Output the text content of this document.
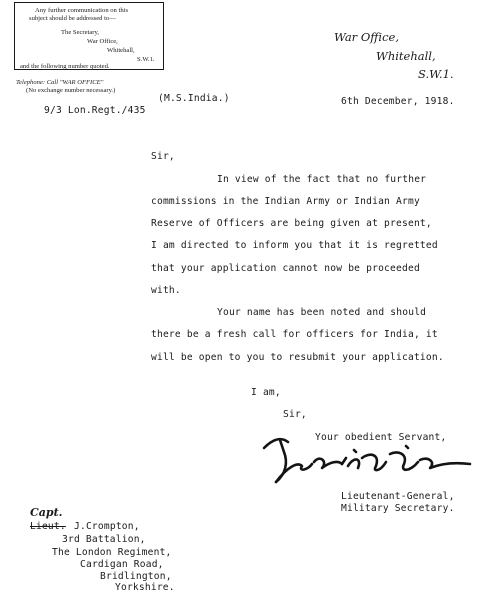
Any further communication on this
subject should be addressed to—
The Secretary,
War Office,
Whitehall,
S.W.1.
and the following number quoted.
Telephone: Call "WAR OFFICE"
(No exchange number necessary.)
9/3 Lon.Regt./435
(M.S.India.)
War Office,
Whitehall,
S.W.1.
6th December, 1918.
Sir,
In view of the fact that no further
commissions in the Indian Army or Indian Army
Reserve of Officers are being given at present,
I am directed to inform you that it is regretted
that your application cannot now be proceeded
with.
Your name has been noted and should
there be a fresh call for officers for India, it
will be open to you to resubmit your application.
I am,
Sir,
Your obedient Servant,
Lieutenant-General,
Military Secretary.
Capt.
Lieut. J.Crompton,
3rd Battalion,
The London Regiment,
Cardigan Road,
Bridlington,
Yorkshire.
